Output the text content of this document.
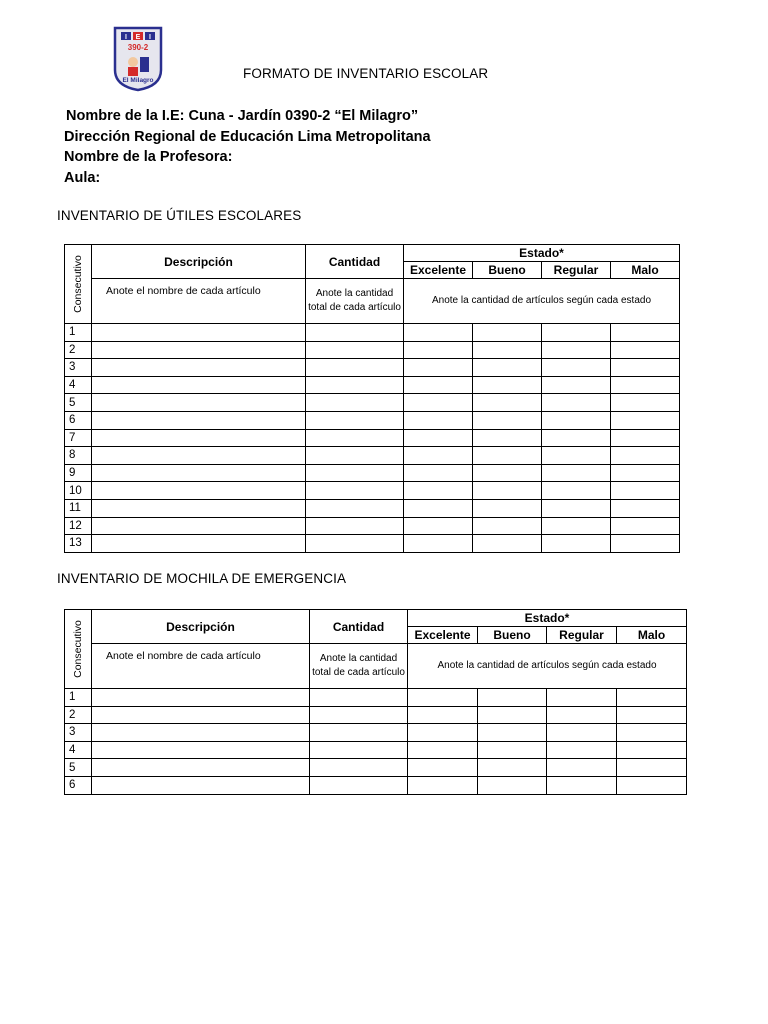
I E I
390-2
El Milagro	FORMATO DE INVENTARIO ESCOLAR
Nombre de la I.E: Cuna - Jardín 0390-2 “El Milagro”
Dirección Regional de Educación Lima Metropolitana
Nombre de la Profesora:
Aula:
INVENTARIO DE ÚTILES ESCOLARES
Consecutivo	Descripción	Cantidad	Estado*			
			Excelente	Bueno	Regular	Malo
	Anote el nombre de cada artículo	Anote la cantidad total de cada artículo	Anote la cantidad de artículos según cada estado			
1						
2						
3						
4						
5						
6						
7						
8						
9						
10						
11						
12						
13						
INVENTARIO DE MOCHILA DE EMERGENCIA
Consecutivo	Descripción	Cantidad	Estado*			
			Excelente	Bueno	Regular	Malo
	Anote el nombre de cada artículo	Anote la cantidad total de cada artículo	Anote la cantidad de artículos según cada estado			
1						
2						
3						
4						
5						
6						
